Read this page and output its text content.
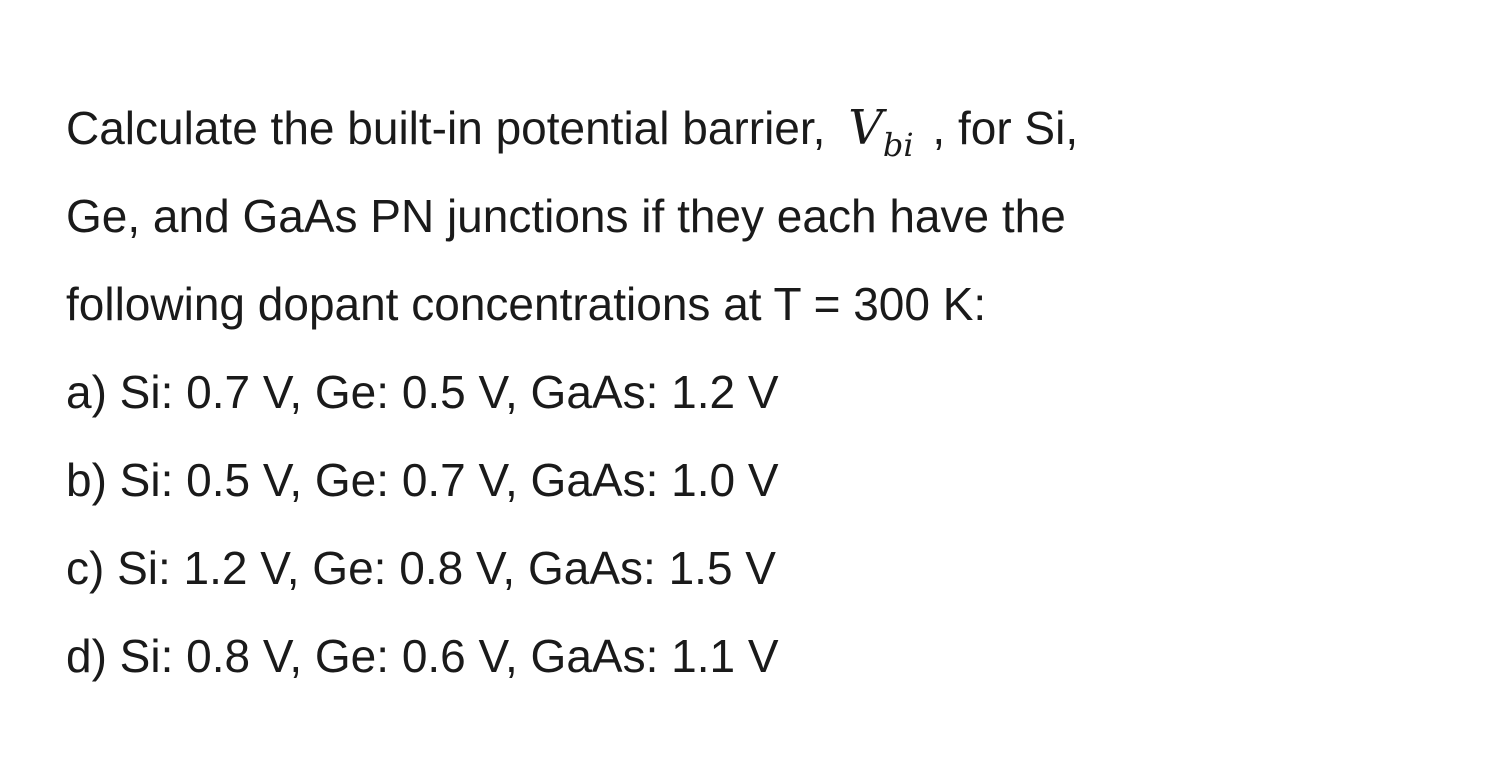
Calculate the built-in potential barrier, $V_{bi}$ , for Si,
Ge, and GaAs PN junctions if they each have the
following dopant concentrations at T = 300 K:
a) Si: 0.7 V, Ge: 0.5 V, GaAs: 1.2 V
b) Si: 0.5 V, Ge: 0.7 V, GaAs: 1.0 V
c) Si: 1.2 V, Ge: 0.8 V, GaAs: 1.5 V
d) Si: 0.8 V, Ge: 0.6 V, GaAs: 1.1 V
